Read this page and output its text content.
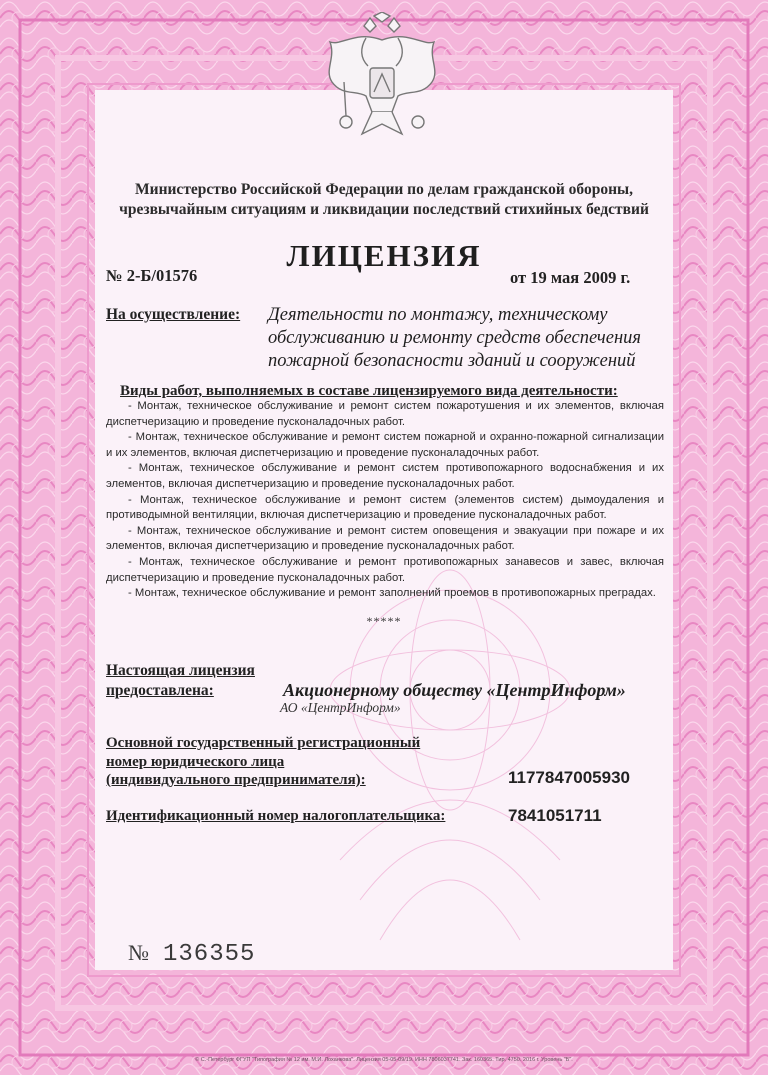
Министерство Российской Федерации по делам гражданской обороны,
чрезвычайным ситуациям и ликвидации последствий стихийных бедствий
ЛИЦЕНЗИЯ
№ 2-Б/01576	от 19 мая 2009 г.
На осуществление: Деятельности по монтажу, техническому
обслуживанию и ремонту средств обеспечения
пожарной безопасности зданий и сооружений
Виды работ, выполняемых в составе лицензируемого вида деятельности:
- Монтаж, техническое обслуживание и ремонт систем пожаротушения и их элементов, включая диспетчеризацию и проведение пусконаладочных работ.
- Монтаж, техническое обслуживание и ремонт систем пожарной и охранно-пожарной сигнализации и их элементов, включая диспетчеризацию и проведение пусконаладочных работ.
- Монтаж, техническое обслуживание и ремонт систем противопожарного водоснабжения и их элементов, включая диспетчеризацию и проведение пусконаладочных работ.
- Монтаж, техническое обслуживание и ремонт систем (элементов систем) дымоудаления и противодымной вентиляции, включая диспетчеризацию и проведение пусконаладочных работ.
- Монтаж, техническое обслуживание и ремонт систем оповещения и эвакуации при пожаре и их элементов, включая диспетчеризацию и проведение пусконаладочных работ.
- Монтаж, техническое обслуживание и ремонт противопожарных занавесов и завес, включая диспетчеризацию и проведение пусконаладочных работ.
- Монтаж, техническое обслуживание и ремонт заполнений проемов в противопожарных преградах.
*****
Настоящая лицензия
предоставлена:	Акционерному обществу «ЦентрИнформ»
АО «ЦентрИнформ»
Основной государственный регистрационный
номер юридического лица
(индивидуального предпринимателя):	1177847005930
Идентификационный номер налогоплательщика:	7841051711
№ 136355
© С.-Петербург ФГУП "Типография № 12 им. М.И. Лоханкова". Лицензия 05-05-09/19. ИНН 7806037741. Зак. 160365. Тир. 4750. 2016 г. Уровень "Б".
